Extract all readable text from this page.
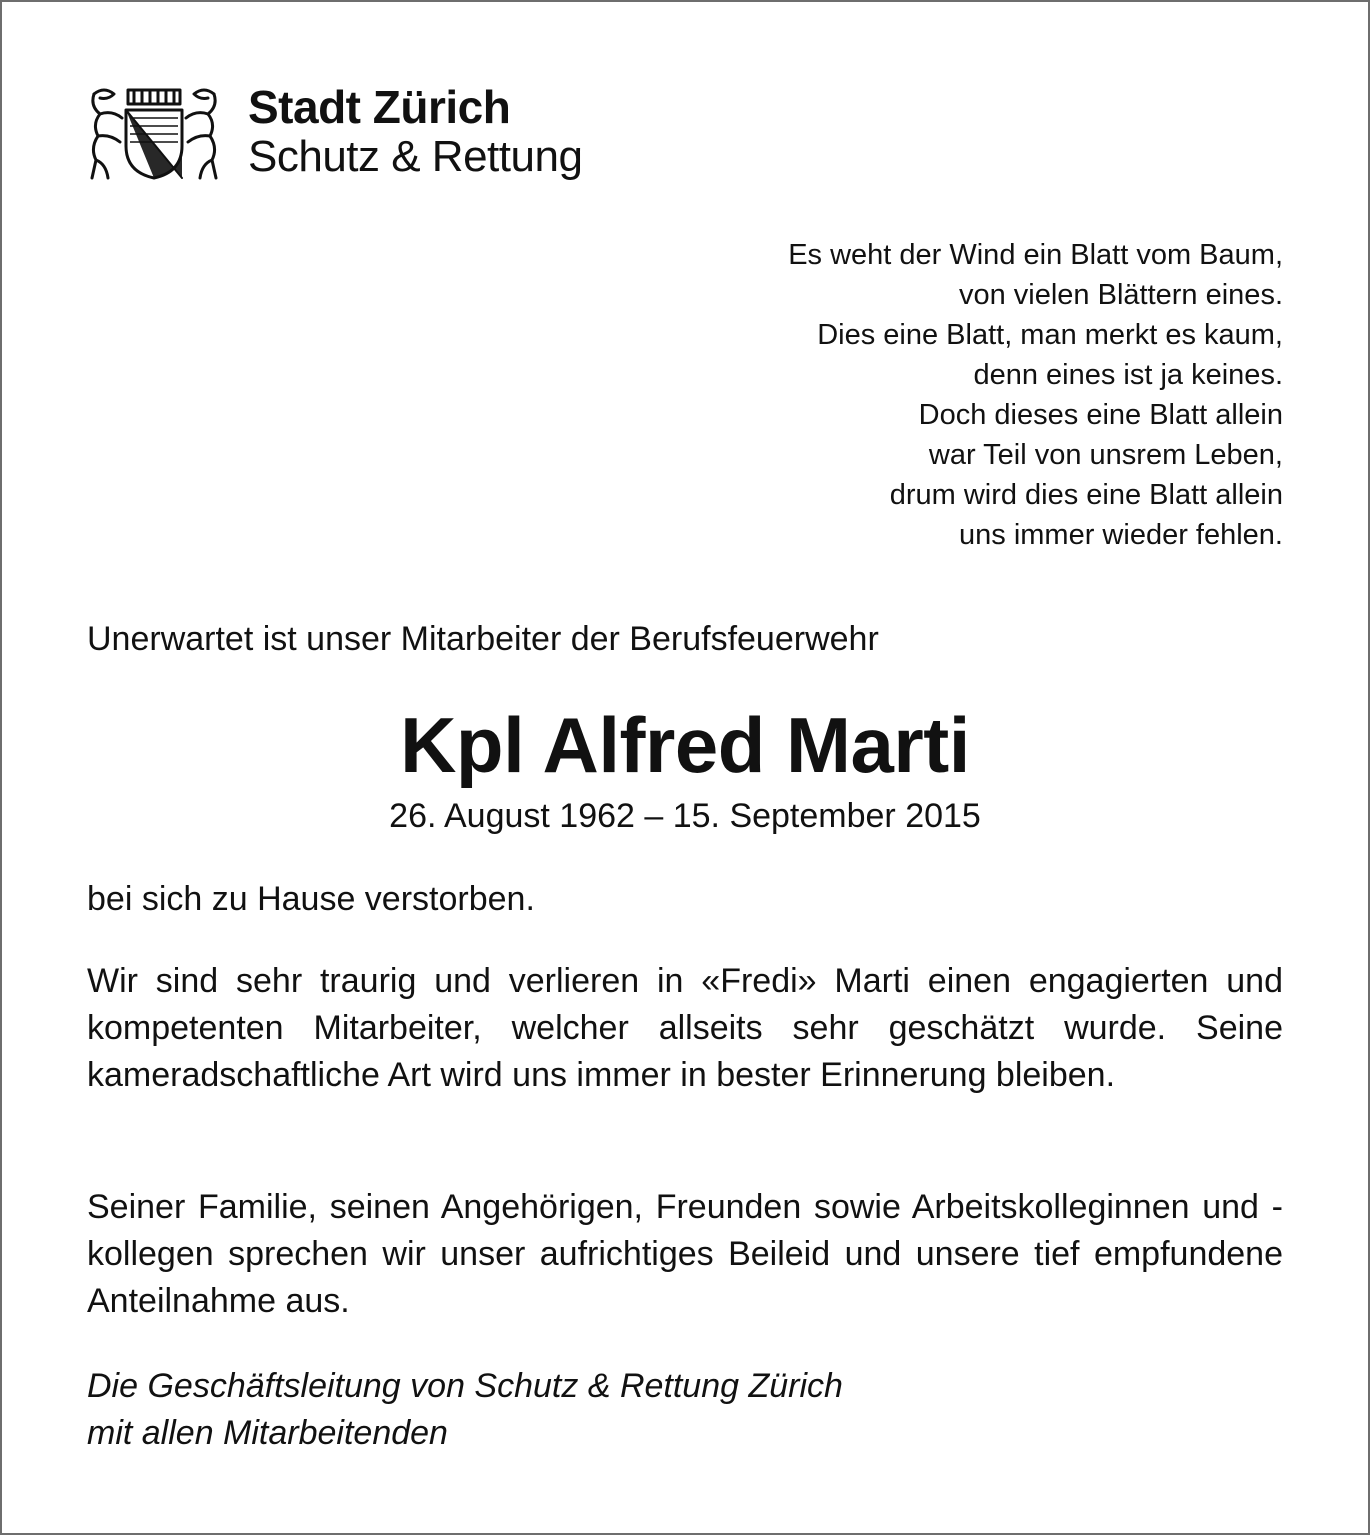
Stadt Zürich
Schutz & Rettung
Es weht der Wind ein Blatt vom Baum,
von vielen Blättern eines.
Dies eine Blatt, man merkt es kaum,
denn eines ist ja keines.
Doch dieses eine Blatt allein
war Teil von unsrem Leben,
drum wird dies eine Blatt allein
uns immer wieder fehlen.
Unerwartet ist unser Mitarbeiter der Berufsfeuerwehr
Kpl Alfred Marti
26. August 1962 – 15. September 2015
bei sich zu Hause verstorben.
Wir sind sehr traurig und verlieren in «Fredi» Marti einen engagierten und kompetenten Mitarbeiter, welcher allseits sehr geschätzt wurde. Seine kameradschaftliche Art wird uns immer in bester Erinnerung bleiben.
Seiner Familie, seinen Angehörigen, Freunden sowie Arbeitskolleginnen und -kollegen sprechen wir unser aufrichtiges Beileid und unsere tief empfundene Anteilnahme aus.
Die Geschäftsleitung von Schutz & Rettung Zürich
mit allen Mitarbeitenden
